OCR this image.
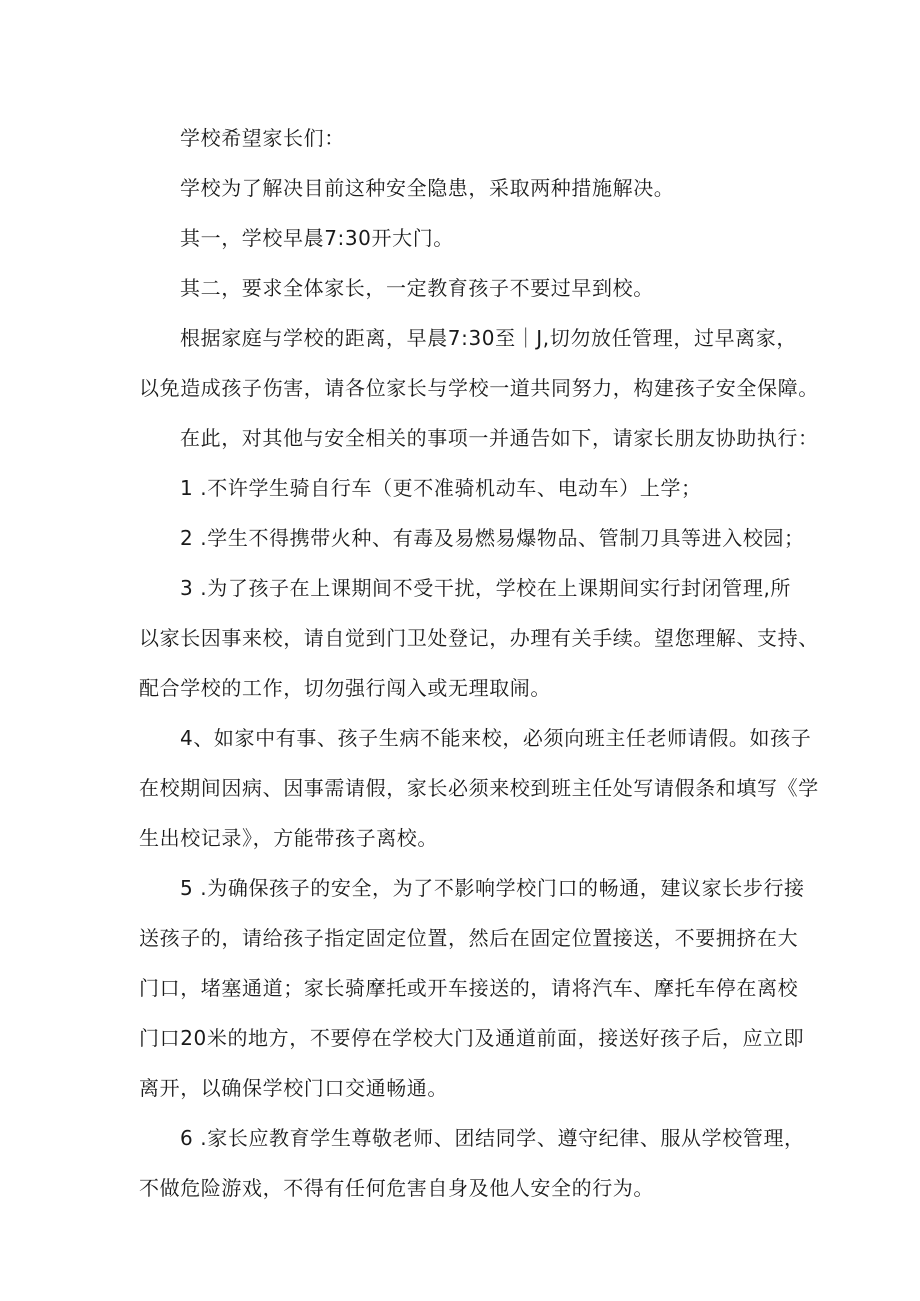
学校希望家长们：
学校为了解决目前这种安全隐患，采取两种措施解决。
其一，学校早晨7:30开大门。
其二，要求全体家长，一定教育孩子不要过早到校。
根据家庭与学校的距离，早晨7:30至｜J,切勿放任管理，过早离家，
以免造成孩子伤害，请各位家长与学校一道共同努力，构建孩子安全保障。
在此，对其他与安全相关的事项一并通告如下，请家长朋友协助执行：
1 .不许学生骑自行车（更不准骑机动车、电动车）上学；
2 .学生不得携带火种、有毒及易燃易爆物品、管制刀具等进入校园；
3 .为了孩子在上课期间不受干扰，学校在上课期间实行封闭管理,所
以家长因事来校，请自觉到门卫处登记，办理有关手续。望您理解、支持、
配合学校的工作，切勿强行闯入或无理取闹。
4、如家中有事、孩子生病不能来校，必须向班主任老师请假。如孩子
在校期间因病、因事需请假，家长必须来校到班主任处写请假条和填写《学
生出校记录》，方能带孩子离校。
5 .为确保孩子的安全，为了不影响学校门口的畅通，建议家长步行接
送孩子的，请给孩子指定固定位置，然后在固定位置接送，不要拥挤在大
门口，堵塞通道；家长骑摩托或开车接送的，请将汽车、摩托车停在离校
门口20米的地方，不要停在学校大门及通道前面，接送好孩子后，应立即
离开，以确保学校门口交通畅通。
6 .家长应教育学生尊敬老师、团结同学、遵守纪律、服从学校管理，
不做危险游戏，不得有任何危害自身及他人安全的行为。
